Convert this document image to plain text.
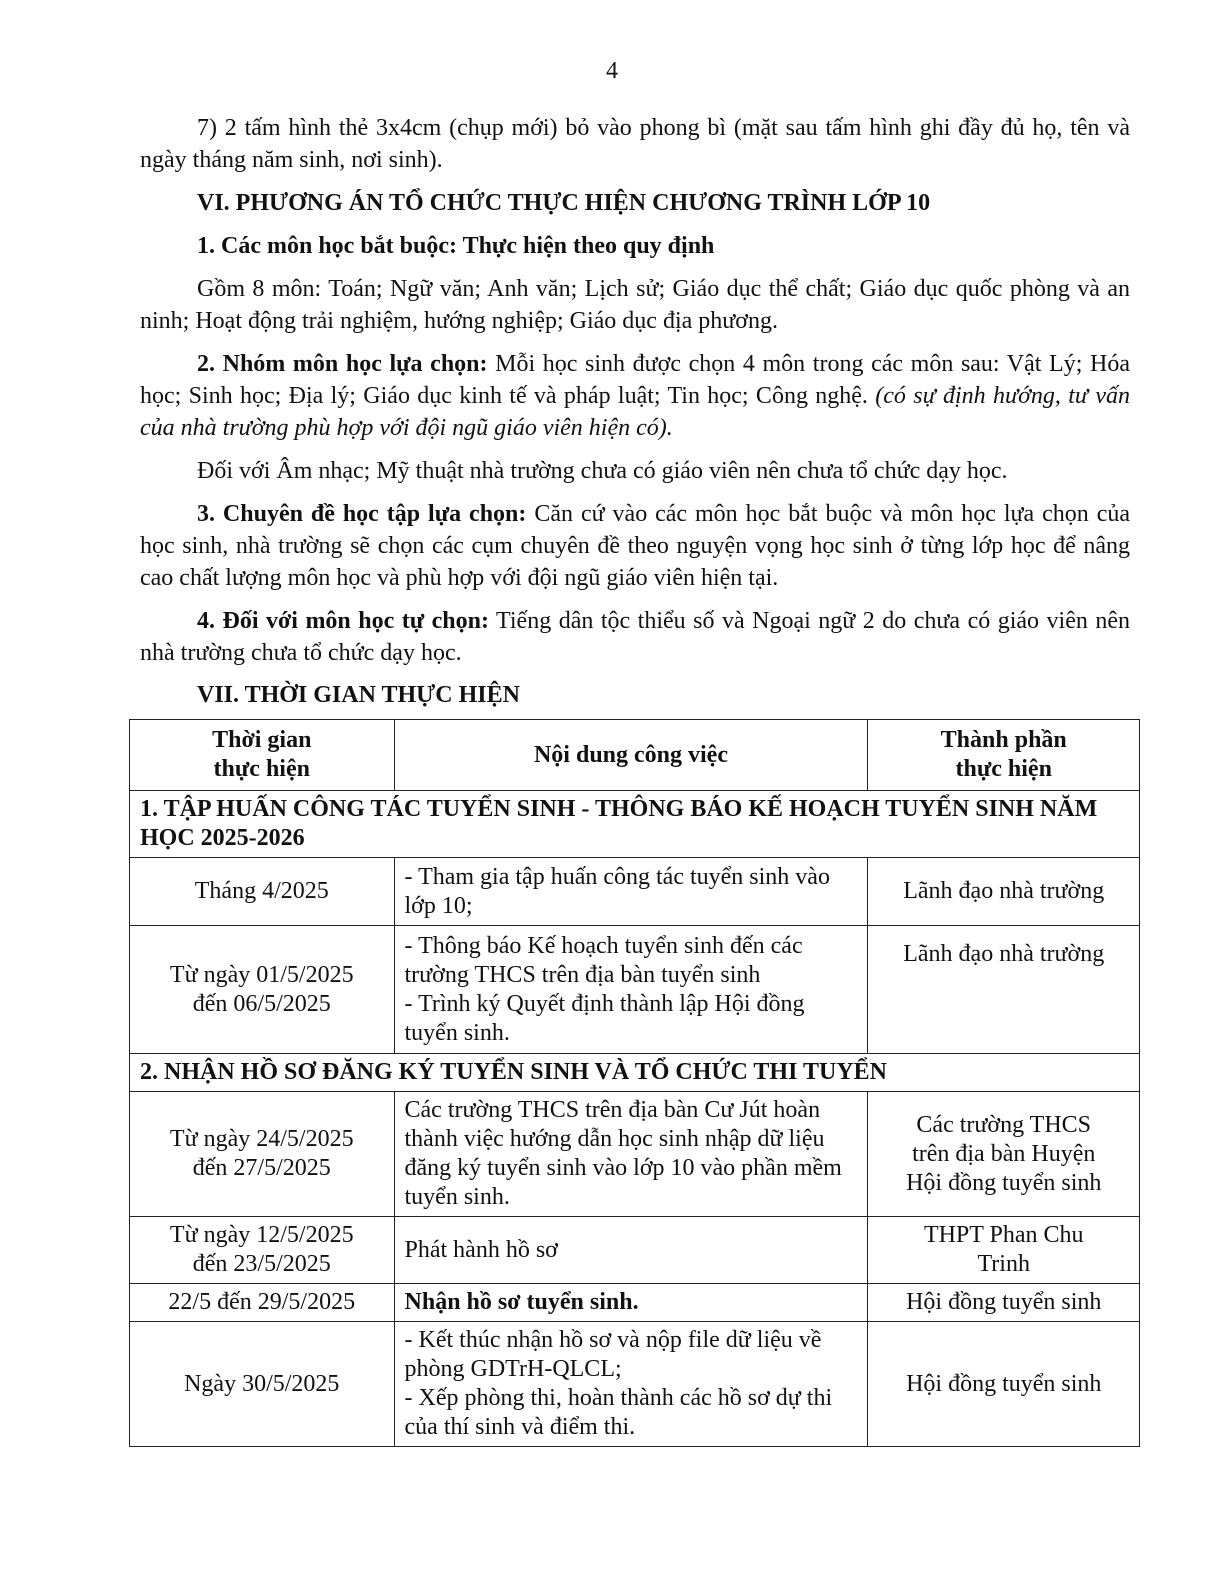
4

7) 2 tấm hình thẻ 3x4cm (chụp mới) bỏ vào phong bì (mặt sau tấm hình ghi đầy đủ họ, tên và ngày tháng năm sinh, nơi sinh).

VI. PHƯƠNG ÁN TỔ CHỨC THỰC HIỆN CHƯƠNG TRÌNH LỚP 10
1. Các môn học bắt buộc: Thực hiện theo quy định

Gồm 8 môn: Toán; Ngữ văn; Anh văn; Lịch sử; Giáo dục thể chất; Giáo dục quốc phòng và an ninh; Hoạt động trải nghiệm, hướng nghiệp; Giáo dục địa phương.

2. Nhóm môn học lựa chọn: Mỗi học sinh được chọn 4 môn trong các môn sau: Vật Lý; Hóa học; Sinh học; Địa lý; Giáo dục kinh tế và pháp luật; Tin học; Công nghệ. (có sự định hướng, tư vấn của nhà trường phù hợp với đội ngũ giáo viên hiện có).

Đối với Âm nhạc; Mỹ thuật nhà trường chưa có giáo viên nên chưa tổ chức dạy học.

3. Chuyên đề học tập lựa chọn: Căn cứ vào các môn học bắt buộc và môn học lựa chọn của học sinh, nhà trường sẽ chọn các cụm chuyên đề theo nguyện vọng học sinh ở từng lớp học để nâng cao chất lượng môn học và phù hợp với đội ngũ giáo viên hiện tại.

4. Đối với môn học tự chọn: Tiếng dân tộc thiểu số và Ngoại ngữ 2 do chưa có giáo viên nên nhà trường chưa tổ chức dạy học.

VII. THỜI GIAN THỰC HIỆN
Thời gian
thực hiện	Nội dung công việc	Thành phần
thực hiện

1. TẬP HUẤN CÔNG TÁC TUYỂN SINH - THÔNG BÁO KẾ HOẠCH TUYỂN SINH NĂM HỌC 2025-2026		
Tháng 4/2025	- Tham gia tập huấn công tác tuyển sinh vào lớp 10;	Lãnh đạo nhà trường

Từ ngày 01/5/2025
đến 06/5/2025	- Thông báo Kế hoạch tuyển sinh đến các trường THCS trên địa bàn tuyển sinh
- Trình ký Quyết định thành lập Hội đồng tuyển sinh.	Lãnh đạo nhà trường
2. NHẬN HỒ SƠ ĐĂNG KÝ TUYỂN SINH VÀ TỔ CHỨC THI TUYỂN		

Từ ngày 24/5/2025
đến 27/5/2025	Các trường THCS trên địa bàn Cư Jút hoàn thành việc hướng dẫn học sinh nhập dữ liệu đăng ký tuyển sinh vào lớp 10 vào phần mềm tuyển sinh.	Các trường THCS
trên địa bàn Huyện
Hội đồng tuyển sinh

Từ ngày 12/5/2025
đến 23/5/2025	Phát hành hồ sơ	THPT Phan Chu
Trinh

22/5 đến 29/5/2025	Nhận hồ sơ tuyển sinh.	Hội đồng tuyển sinh
Ngày 30/5/2025	- Kết thúc nhận hồ sơ và nộp file dữ liệu về phòng GDTrH-QLCL;
- Xếp phòng thi, hoàn thành các hồ sơ dự thi của thí sinh và điểm thi.	Hội đồng tuyển sinh
